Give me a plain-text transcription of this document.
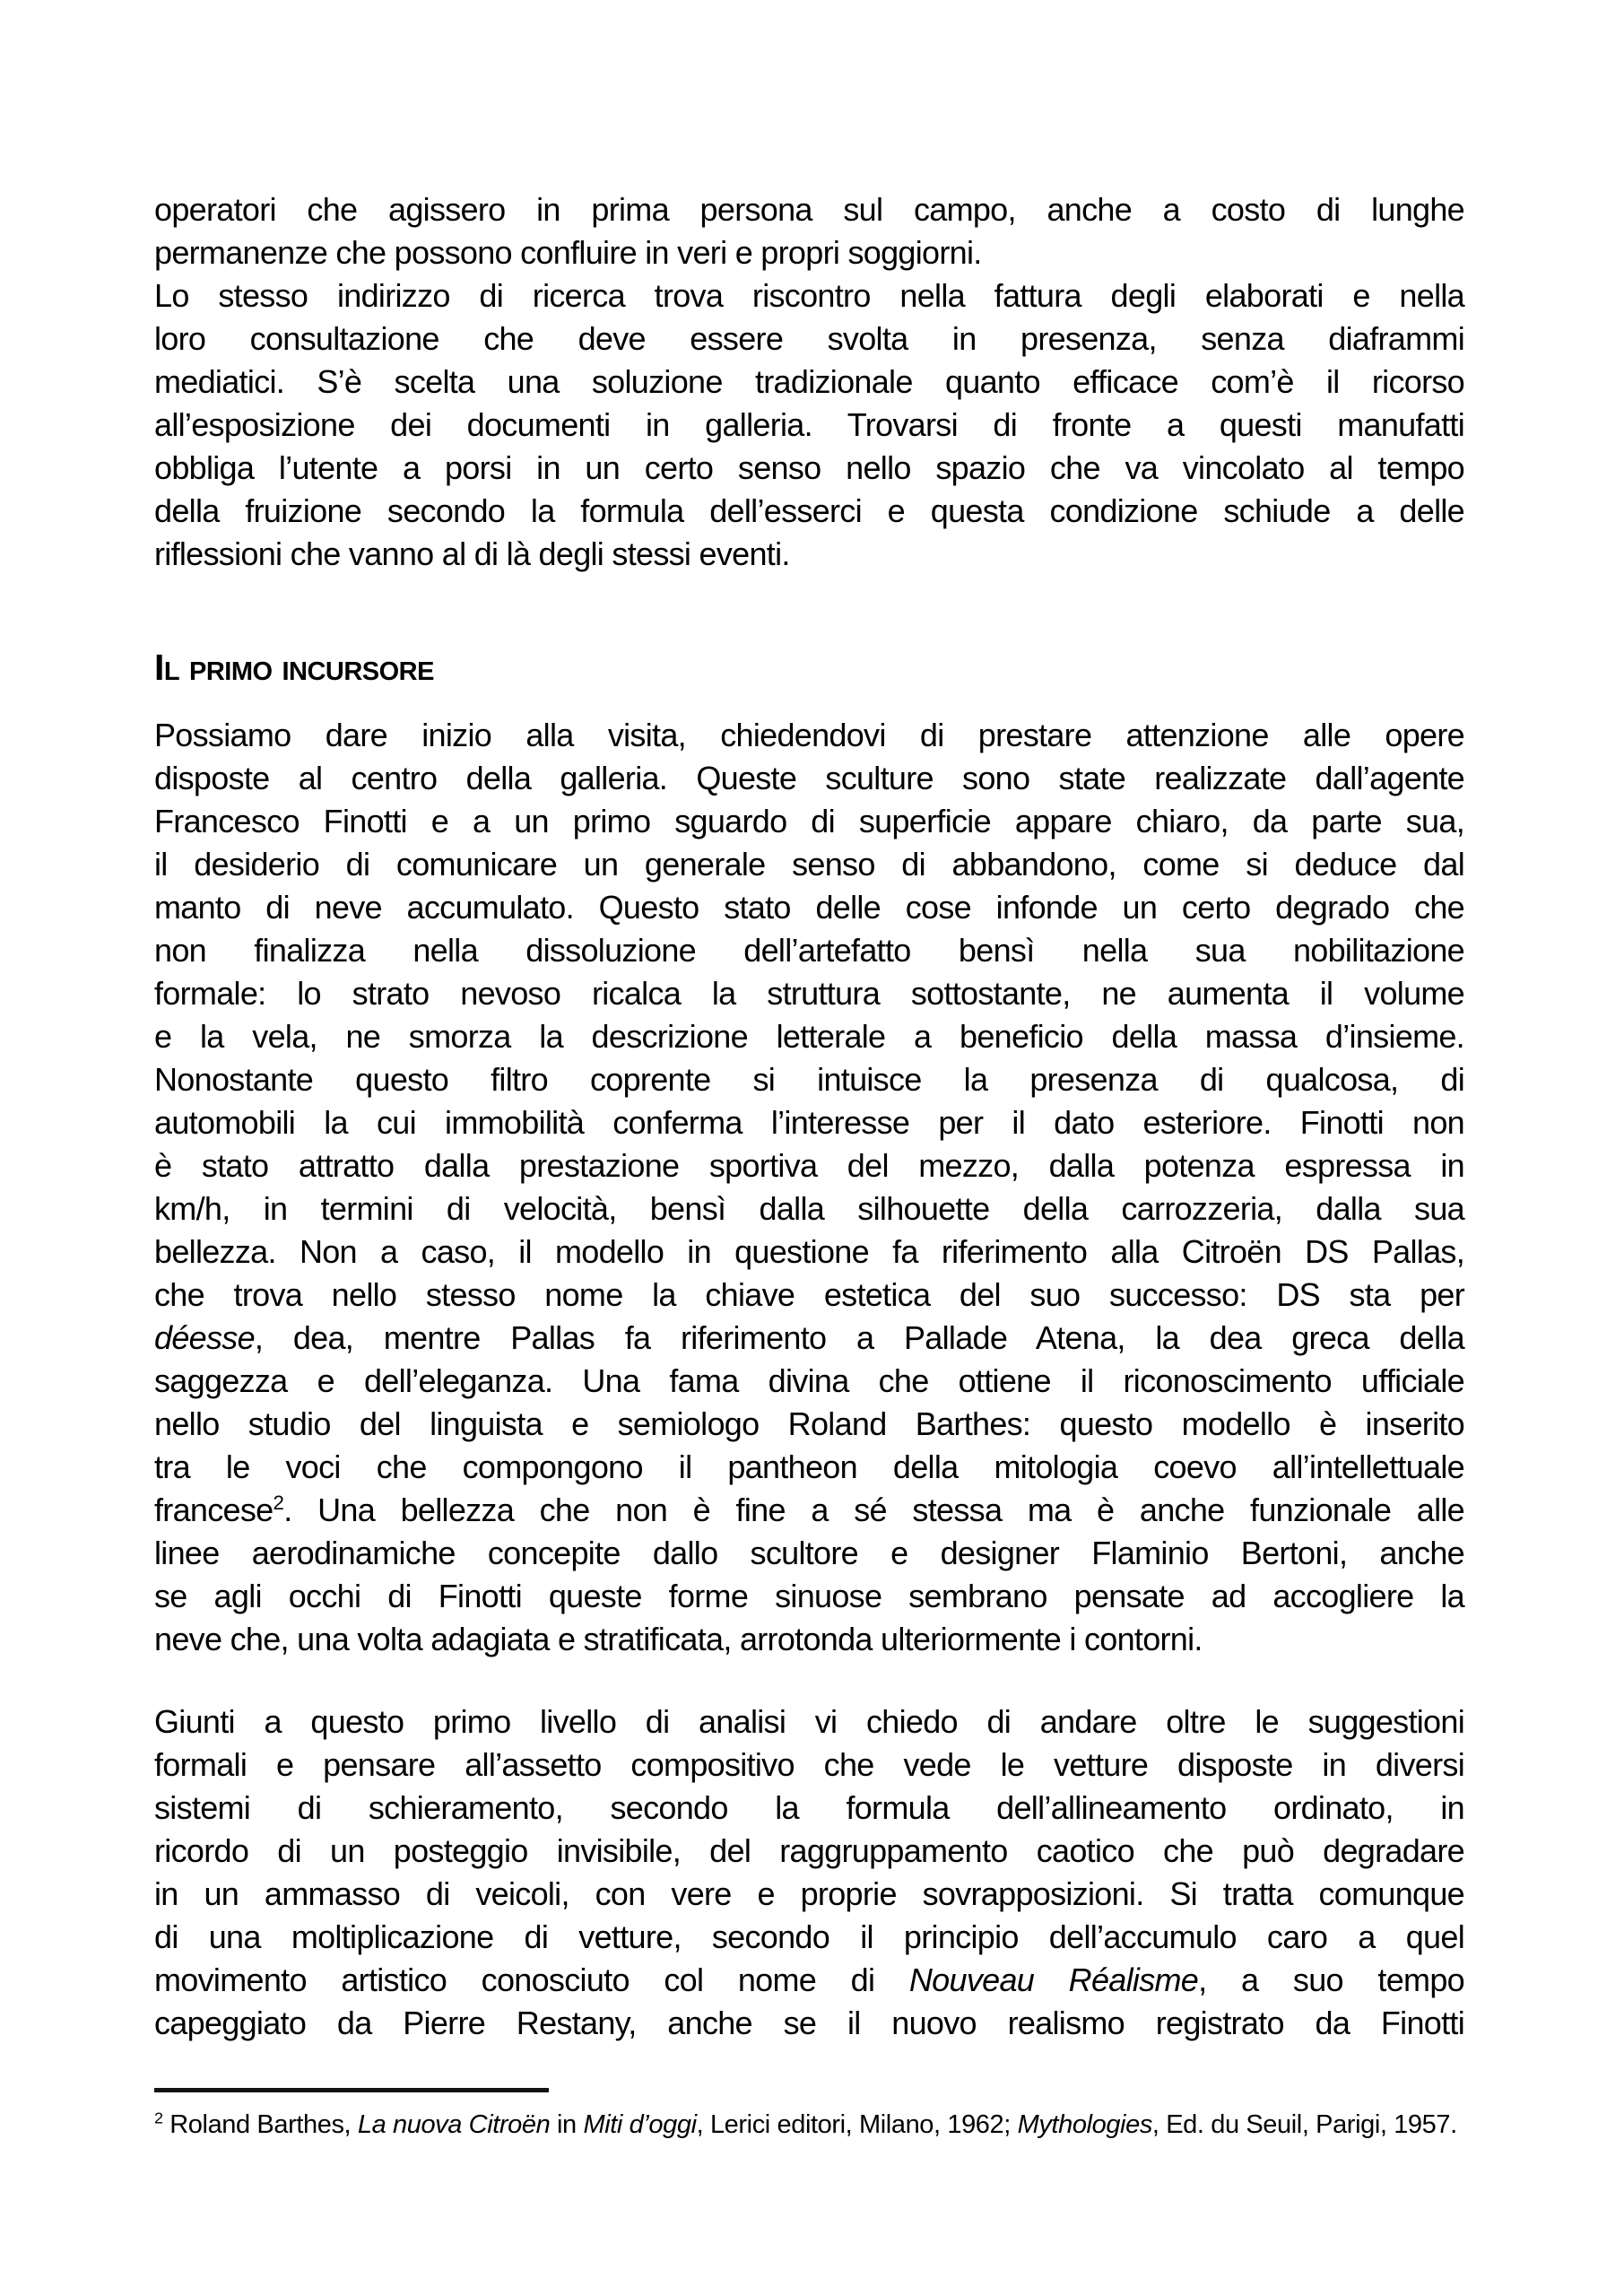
operatori che agissero in prima persona sul campo, anche a costo di lunghe
permanenze che possono confluire in veri e propri soggiorni.
Lo stesso indirizzo di ricerca trova riscontro nella fattura degli elaborati e nella
loro consultazione che deve essere svolta in presenza, senza diaframmi
mediatici. S’è scelta una soluzione tradizionale quanto efficace com’è il ricorso
all’esposizione dei documenti in galleria. Trovarsi di fronte a questi manufatti
obbliga l’utente a porsi in un certo senso nello spazio che va vincolato al tempo
della fruizione secondo la formula dell’esserci e questa condizione schiude a delle
riflessioni che vanno al di là degli stessi eventi.
Il primo incursore
Possiamo dare inizio alla visita, chiedendovi di prestare attenzione alle opere
disposte al centro della galleria. Queste sculture sono state realizzate dall’agente
Francesco Finotti e a un primo sguardo di superficie appare chiaro, da parte sua,
il desiderio di comunicare un generale senso di abbandono, come si deduce dal
manto di neve accumulato. Questo stato delle cose infonde un certo degrado che
non finalizza nella dissoluzione dell’artefatto bensì nella sua nobilitazione
formale: lo strato nevoso ricalca la struttura sottostante, ne aumenta il volume
e la vela, ne smorza la descrizione letterale a beneficio della massa d’insieme.
Nonostante questo filtro coprente si intuisce la presenza di qualcosa, di
automobili la cui immobilità conferma l’interesse per il dato esteriore. Finotti non
è stato attratto dalla prestazione sportiva del mezzo, dalla potenza espressa in
km/h, in termini di velocità, bensì dalla silhouette della carrozzeria, dalla sua
bellezza. Non a caso, il modello in questione fa riferimento alla Citroën DS Pallas,
che trova nello stesso nome la chiave estetica del suo successo: DS sta per
déesse, dea, mentre Pallas fa riferimento a Pallade Atena, la dea greca della
saggezza e dell’eleganza. Una fama divina che ottiene il riconoscimento ufficiale
nello studio del linguista e semiologo Roland Barthes: questo modello è inserito
tra le voci che compongono il pantheon della mitologia coevo all’intellettuale
francese$^2$. Una bellezza che non è fine a sé stessa ma è anche funzionale alle
linee aerodinamiche concepite dallo scultore e designer Flaminio Bertoni, anche
se agli occhi di Finotti queste forme sinuose sembrano pensate ad accogliere la
neve che, una volta adagiata e stratificata, arrotonda ulteriormente i contorni.
Giunti a questo primo livello di analisi vi chiedo di andare oltre le suggestioni
formali e pensare all’assetto compositivo che vede le vetture disposte in diversi
sistemi di schieramento, secondo la formula dell’allineamento ordinato, in
ricordo di un posteggio invisibile, del raggruppamento caotico che può degradare
in un ammasso di veicoli, con vere e proprie sovrapposizioni. Si tratta comunque
di una moltiplicazione di vetture, secondo il principio dell’accumulo caro a quel
movimento artistico conosciuto col nome di Nouveau Réalisme, a suo tempo
capeggiato da Pierre Restany, anche se il nuovo realismo registrato da Finotti
$^2$ Roland Barthes, La nuova Citroën in Miti d’oggi, Lerici editori, Milano, 1962; Mythologies, Ed. du Seuil, Parigi, 1957.
